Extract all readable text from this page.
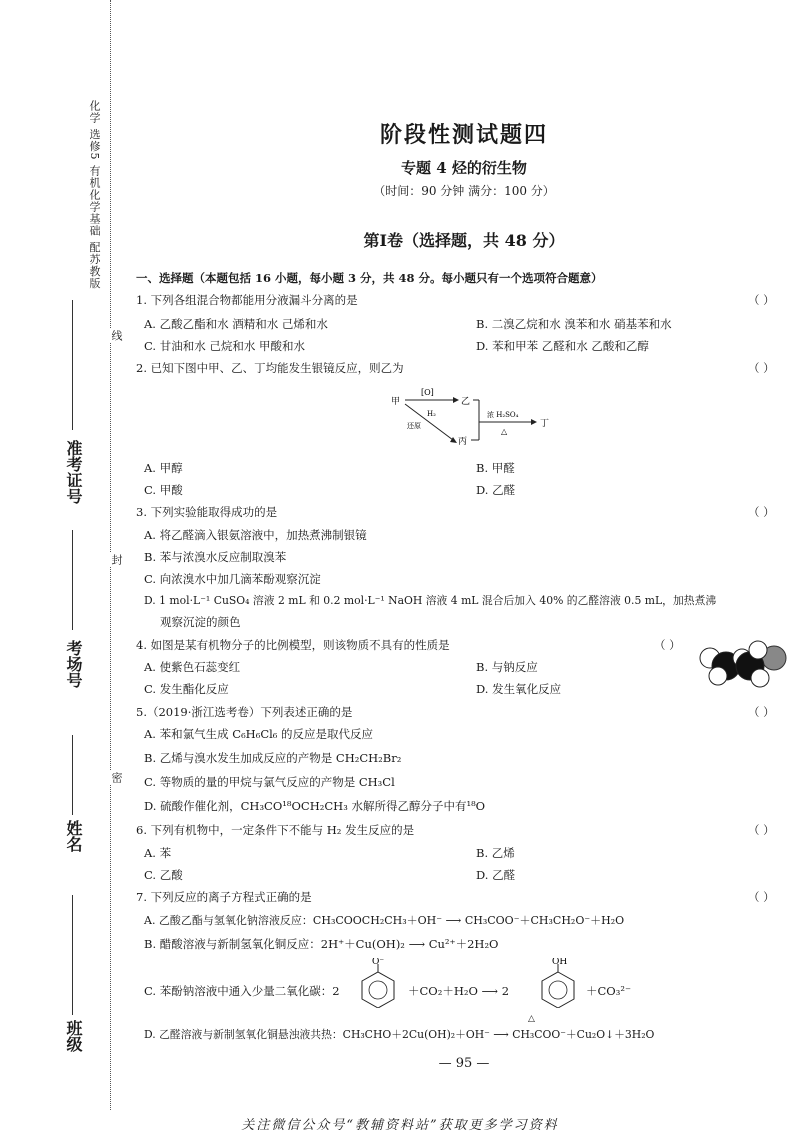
化学 选修5 有机化学基础 配苏教版
准考证号
考场号
姓名
班级
线
封
密
阶段性测试题四
专题 4 烃的衍生物
（时间：90 分钟 满分：100 分）
第Ⅰ卷（选择题，共 48 分）
一、选择题（本题包括 16 小题，每小题 3 分，共 48 分。每小题只有一个选项符合题意）
1. 下列各组混合物都能用分液漏斗分离的是	（ ）
A. 乙酸乙酯和水 酒精和水 己烯和水	B. 二溴乙烷和水 溴苯和水 硝基苯和水
C. 甘油和水 己烷和水 甲酸和水	D. 苯和甲苯 乙醛和水 乙酸和乙醇
2. 已知下图中甲、乙、丁均能发生银镜反应，则乙为	（ ）
甲	乙
丙
丁
[O]
H₂
还原
浓 H₂SO₄
△
A. 甲醇	B. 甲醛
C. 甲酸	D. 乙醛
3. 下列实验能取得成功的是	（ ）
A. 将乙醛滴入银氨溶液中，加热煮沸制银镜
B. 苯与浓溴水反应制取溴苯
C. 向浓溴水中加几滴苯酚观察沉淀
D. 1 mol·L⁻¹ CuSO₄ 溶液 2 mL 和 0.2 mol·L⁻¹ NaOH 溶液 4 mL 混合后加入 40% 的乙醛溶液 0.5 mL，加热煮沸
观察沉淀的颜色
4. 如图是某有机物分子的比例模型，则该物质不具有的性质是	（ ）
A. 使紫色石蕊变红	B. 与钠反应
C. 发生酯化反应	D. 发生氧化反应
5.（2019·浙江选考卷）下列表述正确的是	（ ）
A. 苯和氯气生成 C₆H₆Cl₆ 的反应是取代反应
B. 乙烯与溴水发生加成反应的产物是 CH₂CH₂Br₂
C. 等物质的量的甲烷与氯气反应的产物是 CH₃Cl
D. 硫酸作催化剂，CH₃CO¹⁸OCH₂CH₃ 水解所得乙醇分子中有¹⁸O
6. 下列有机物中，一定条件下不能与 H₂ 发生反应的是	（ ）
A. 苯	B. 乙烯
C. 乙酸	D. 乙醛
7. 下列反应的离子方程式正确的是	（ ）
A. 乙酸乙酯与氢氧化钠溶液反应：CH₃COOCH₂CH₃＋OH⁻ ⟶ CH₃COO⁻＋CH₃CH₂O⁻＋H₂O
B. 醋酸溶液与新制氢氧化铜反应：2H⁺＋Cu(OH)₂ ⟶ Cu²⁺＋2H₂O
C. 苯酚钠溶液中通入少量二氧化碳：2
O⁻
＋CO₂＋H₂O ⟶ 2
OH
＋CO₃²⁻
D. 乙醛溶液与新制氢氧化铜悬浊液共热：CH₃CHO＋2Cu(OH)₂＋OH⁻ ⟶ CH₃COO⁻＋Cu₂O↓＋3H₂O
△
— 95 —
关注微信公众号“教辅资料站”获取更多学习资料
